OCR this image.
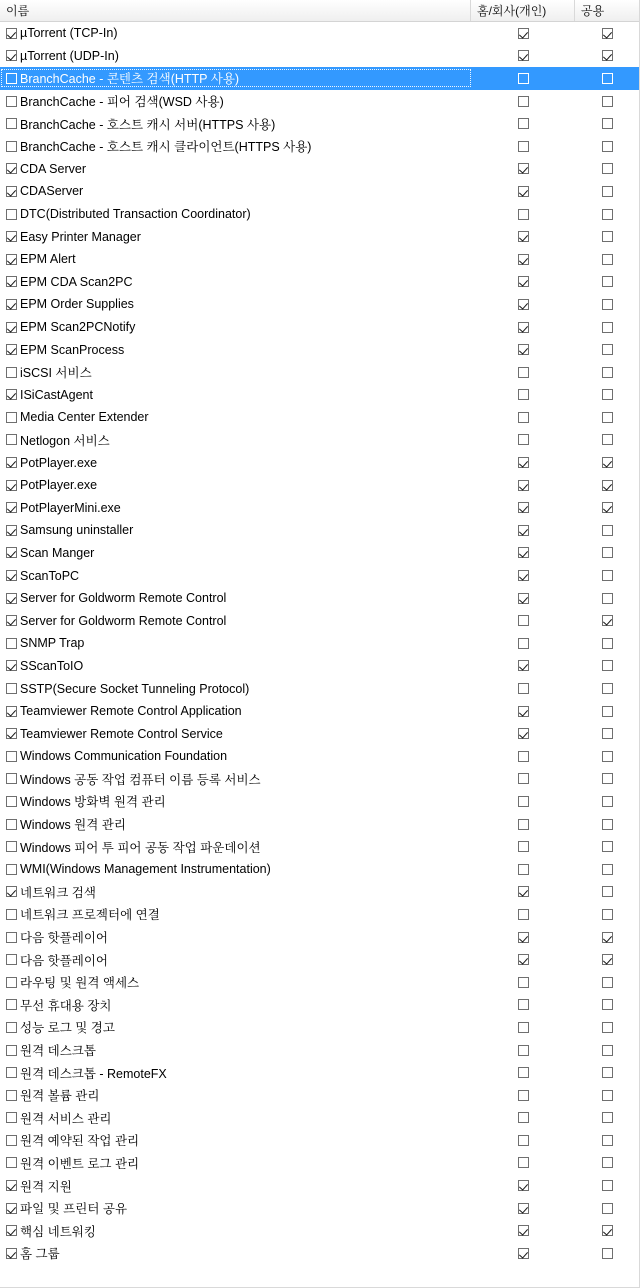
이름	홈/회사(개인)	공용
µTorrent (TCP-In)
µTorrent (UDP-In)
BranchCache - 콘텐츠 검색(HTTP 사용)
BranchCache - 피어 검색(WSD 사용)
BranchCache - 호스트 캐시 서버(HTTPS 사용)
BranchCache - 호스트 캐시 클라이언트(HTTPS 사용)
CDA Server
CDAServer
DTC(Distributed Transaction Coordinator)
Easy Printer Manager
EPM Alert
EPM CDA Scan2PC
EPM Order Supplies
EPM Scan2PCNotify
EPM ScanProcess
iSCSI 서비스
ISiCastAgent
Media Center Extender
Netlogon 서비스
PotPlayer.exe
PotPlayer.exe
PotPlayerMini.exe
Samsung uninstaller
Scan Manger
ScanToPC
Server for Goldworm Remote Control
Server for Goldworm Remote Control
SNMP Trap
SScanToIO
SSTP(Secure Socket Tunneling Protocol)
Teamviewer Remote Control Application
Teamviewer Remote Control Service
Windows Communication Foundation
Windows 공동 작업 컴퓨터 이름 등록 서비스
Windows 방화벽 원격 관리
Windows 원격 관리
Windows 피어 투 피어 공동 작업 파운데이션
WMI(Windows Management Instrumentation)
네트워크 검색
네트워크 프로젝터에 연결
다음 핫플레이어
다음 핫플레이어
라우팅 및 원격 액세스
무선 휴대용 장치
성능 로그 및 경고
원격 데스크톱
원격 데스크톱 - RemoteFX
원격 볼륨 관리
원격 서비스 관리
원격 예약된 작업 관리
원격 이벤트 로그 관리
원격 지원
파일 및 프린터 공유
핵심 네트워킹
홈 그룹
